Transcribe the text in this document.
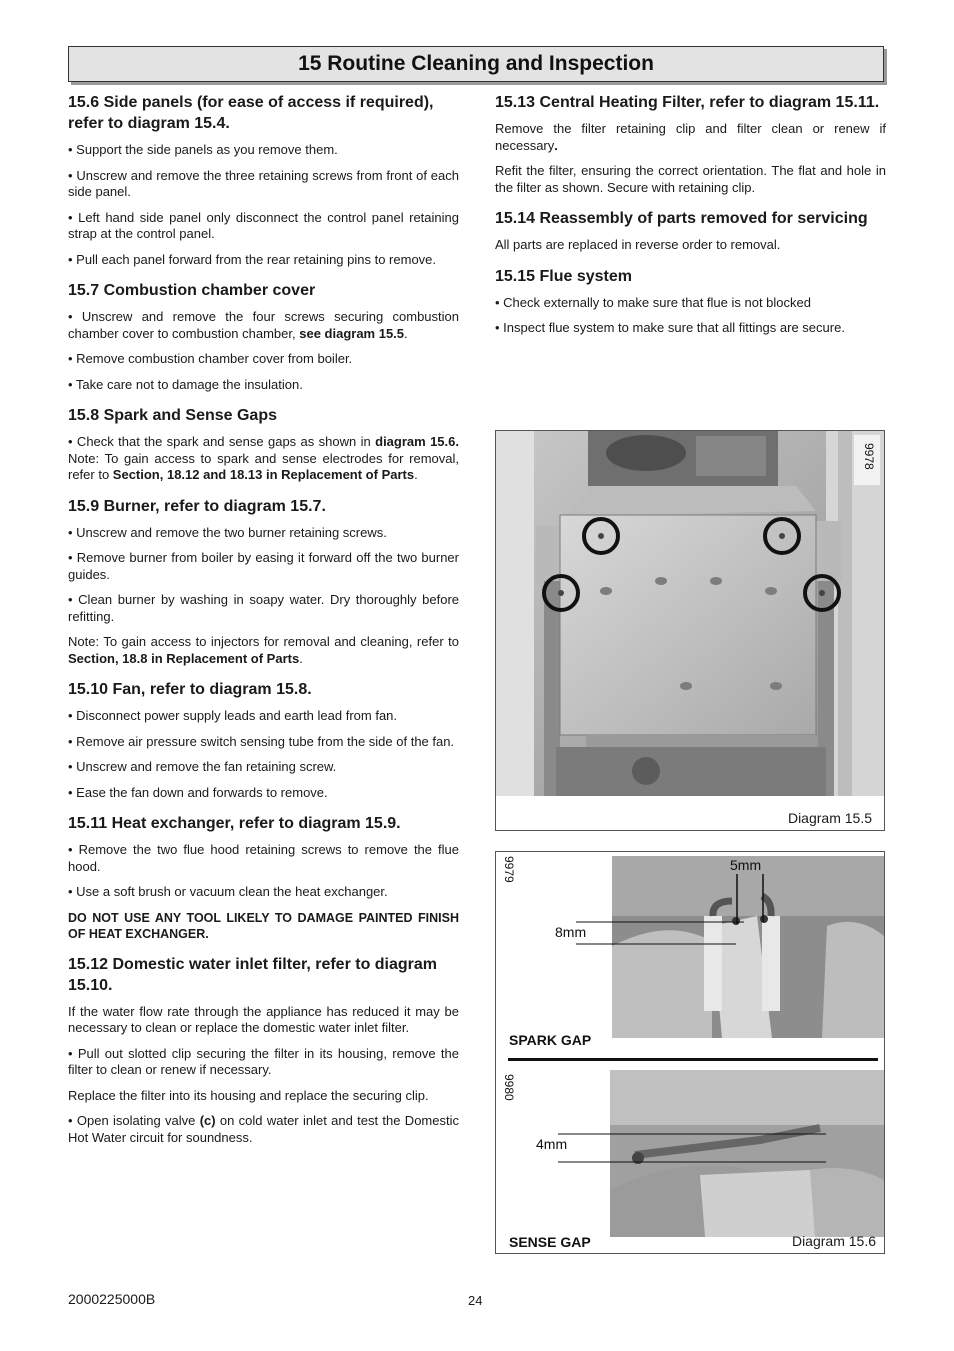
15 Routine Cleaning and Inspection

15.6 Side panels (for ease of access if required), refer to diagram 15.4.

• Support the side panels as you remove them.

• Unscrew and remove the three retaining screws from front of each side panel.

• Left hand side panel only disconnect the control panel retaining strap at the control panel.

• Pull each panel forward from the rear retaining pins to remove.

15.7 Combustion chamber cover

• Unscrew and remove the four screws securing combustion chamber cover to combustion chamber, see diagram 15.5.

• Remove combustion chamber cover from boiler.

• Take care not to damage the insulation.

15.8 Spark and Sense Gaps

• Check that the spark and sense gaps as shown in diagram 15.6. Note: To gain access to spark and sense electrodes for removal, refer to Section, 18.12 and 18.13 in Replacement of Parts.

15.9 Burner, refer to diagram 15.7.

• Unscrew and remove the two burner retaining screws.

• Remove burner from boiler by easing it forward off the two burner guides.

• Clean burner by washing in soapy water. Dry thoroughly before refitting.

Note: To gain access to injectors for removal and cleaning, refer to Section, 18.8 in Replacement of Parts.

15.10 Fan, refer to diagram 15.8.

• Disconnect power supply leads and earth lead from fan.

• Remove air pressure switch sensing tube from the side of the fan.

• Unscrew and remove the fan retaining screw.

• Ease the fan down and forwards to remove.

15.11 Heat exchanger, refer to diagram 15.9.

• Remove the two flue hood retaining screws to remove the flue hood.

• Use a soft brush or vacuum clean the heat exchanger.

DO NOT USE ANY TOOL LIKELY TO DAMAGE PAINTED FINISH OF HEAT EXCHANGER.

15.12 Domestic water inlet filter, refer to diagram 15.10.

If the water flow rate through the appliance has reduced it may be necessary to clean or replace the domestic water inlet filter.

• Pull out slotted clip securing the filter in its housing, remove the filter to clean or renew if necessary.

Replace the filter into its housing and replace the securing clip.

• Open isolating valve (c) on cold water inlet and test the Domestic Hot Water circuit for soundness.

15.13 Central Heating Filter, refer to diagram 15.11.

Remove the filter retaining clip and filter clean or renew if necessary.

Refit the filter, ensuring the correct orientation. The flat and hole in the filter as shown. Secure with retaining clip.

15.14 Reassembly of parts removed for servicing

All parts are replaced in reverse order to removal.

15.15 Flue system

• Check externally to make sure that flue is not blocked

• Inspect flue system to make sure that all fittings are secure.

9978
Diagram 15.5
9979
9980
5mm
8mm
4mm
SPARK GAP
SENSE GAP	Diagram 15.6
2000225000B	24
